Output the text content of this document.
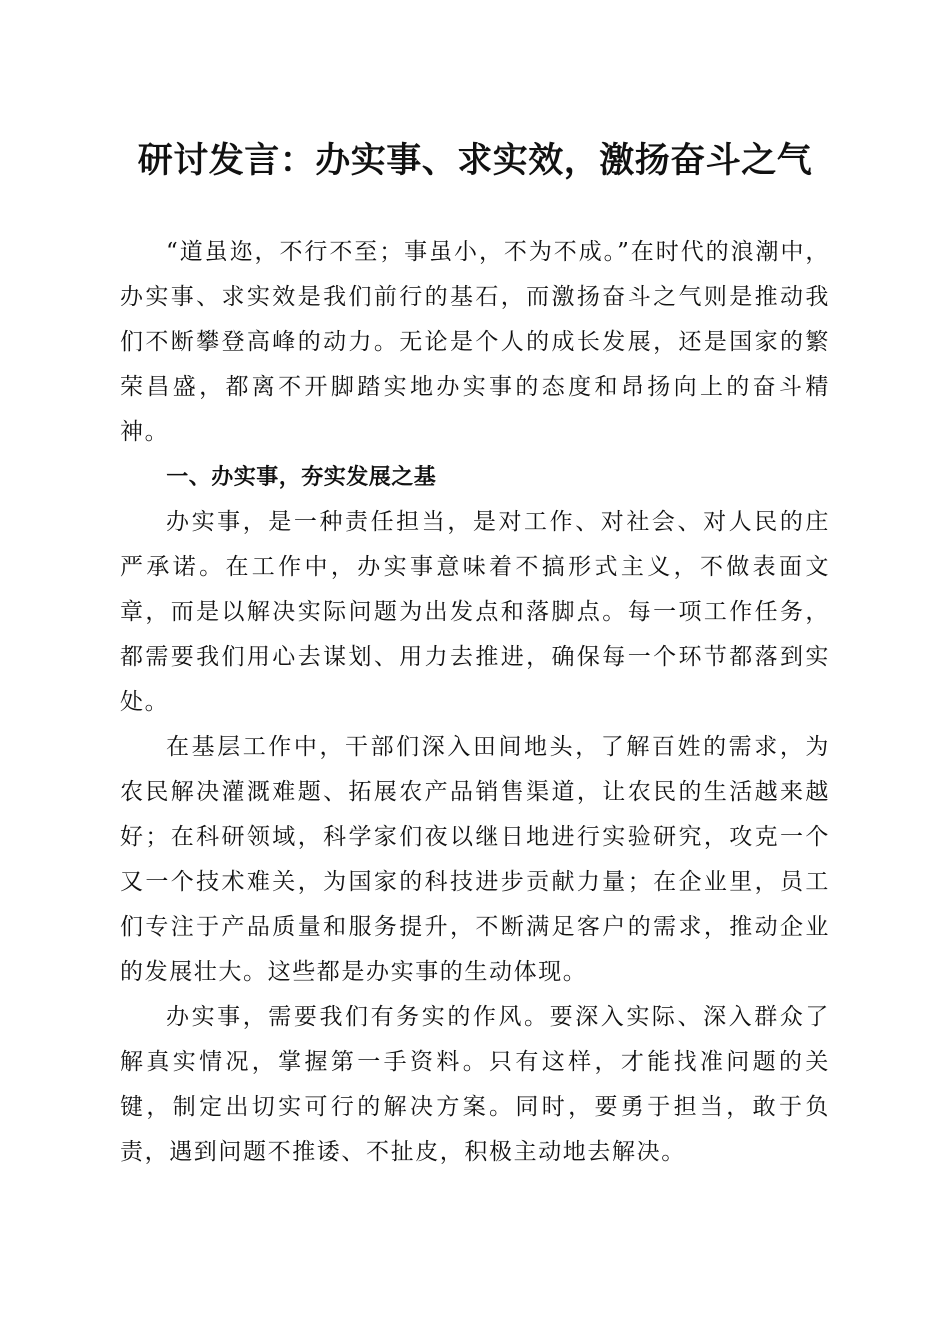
研讨发言：办实事、求实效，激扬奋斗之气

“道虽迩，不行不至；事虽小，不为不成。”在时代的浪潮中，办实事、求实效是我们前行的基石，而激扬奋斗之气则是推动我们不断攀登高峰的动力。无论是个人的成长发展，还是国家的繁荣昌盛，都离不开脚踏实地办实事的态度和昂扬向上的奋斗精神。

一、办实事，夯实发展之基

办实事，是一种责任担当，是对工作、对社会、对人民的庄严承诺。在工作中，办实事意味着不搞形式主义，不做表面文章，而是以解决实际问题为出发点和落脚点。每一项工作任务，都需要我们用心去谋划、用力去推进，确保每一个环节都落到实处。

在基层工作中，干部们深入田间地头，了解百姓的需求，为农民解决灌溉难题、拓展农产品销售渠道，让农民的生活越来越好；在科研领域，科学家们夜以继日地进行实验研究，攻克一个又一个技术难关，为国家的科技进步贡献力量；在企业里，员工们专注于产品质量和服务提升，不断满足客户的需求，推动企业的发展壮大。这些都是办实事的生动体现。

办实事，需要我们有务实的作风。要深入实际、深入群众了解真实情况，掌握第一手资料。只有这样，才能找准问题的关键，制定出切实可行的解决方案。同时，要勇于担当，敢于负责，遇到问题不推诿、不扯皮，积极主动地去解决。
